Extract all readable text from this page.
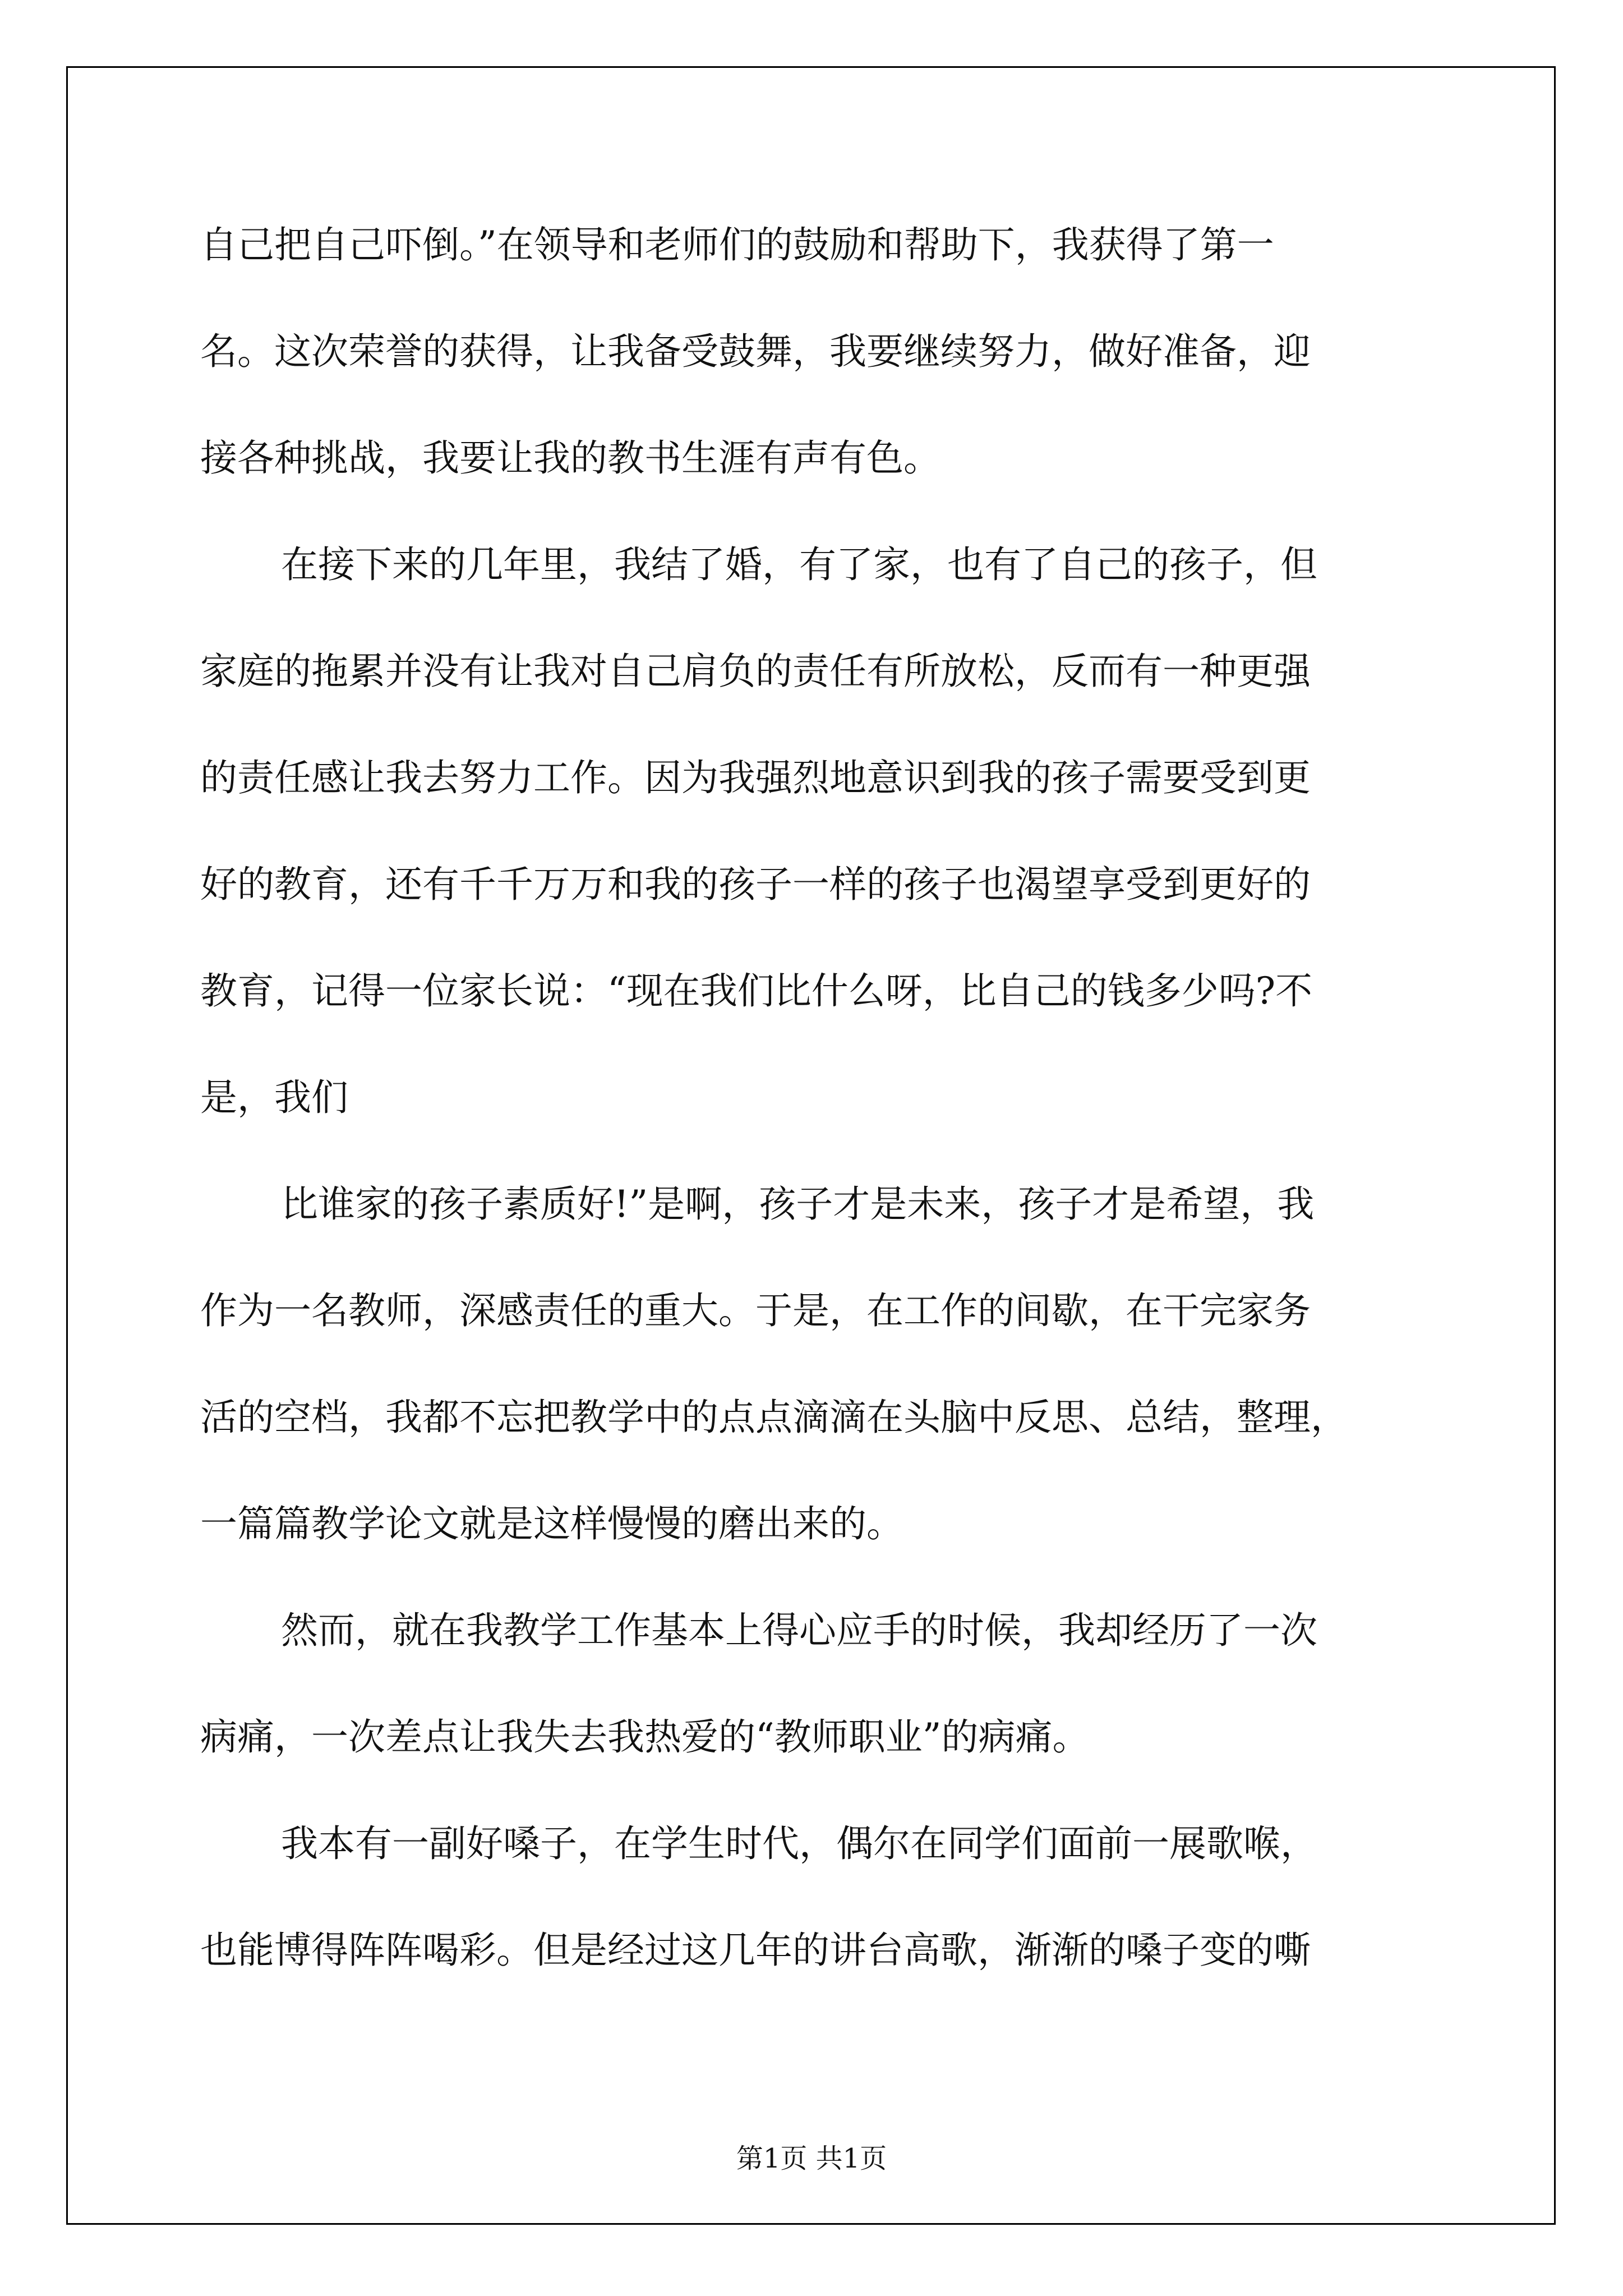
自己把自己吓倒。”在领导和老师们的鼓励和帮助下，我获得了第一
名。这次荣誉的获得，让我备受鼓舞，我要继续努力，做好准备，迎
接各种挑战，我要让我的教书生涯有声有色。
在接下来的几年里，我结了婚，有了家，也有了自己的孩子，但
家庭的拖累并没有让我对自己肩负的责任有所放松，反而有一种更强
的责任感让我去努力工作。因为我强烈地意识到我的孩子需要受到更
好的教育，还有千千万万和我的孩子一样的孩子也渴望享受到更好的
教育，记得一位家长说：“现在我们比什么呀，比自己的钱多少吗?不
是，我们
比谁家的孩子素质好!”是啊，孩子才是未来，孩子才是希望，我
作为一名教师，深感责任的重大。于是，在工作的间歇，在干完家务
活的空档，我都不忘把教学中的点点滴滴在头脑中反思、总结，整理，
一篇篇教学论文就是这样慢慢的磨出来的。
然而，就在我教学工作基本上得心应手的时候，我却经历了一次
病痛，一次差点让我失去我热爱的“教师职业”的病痛。
我本有一副好嗓子，在学生时代，偶尔在同学们面前一展歌喉，
也能博得阵阵喝彩。但是经过这几年的讲台高歌，渐渐的嗓子变的嘶
第1页 共1页
